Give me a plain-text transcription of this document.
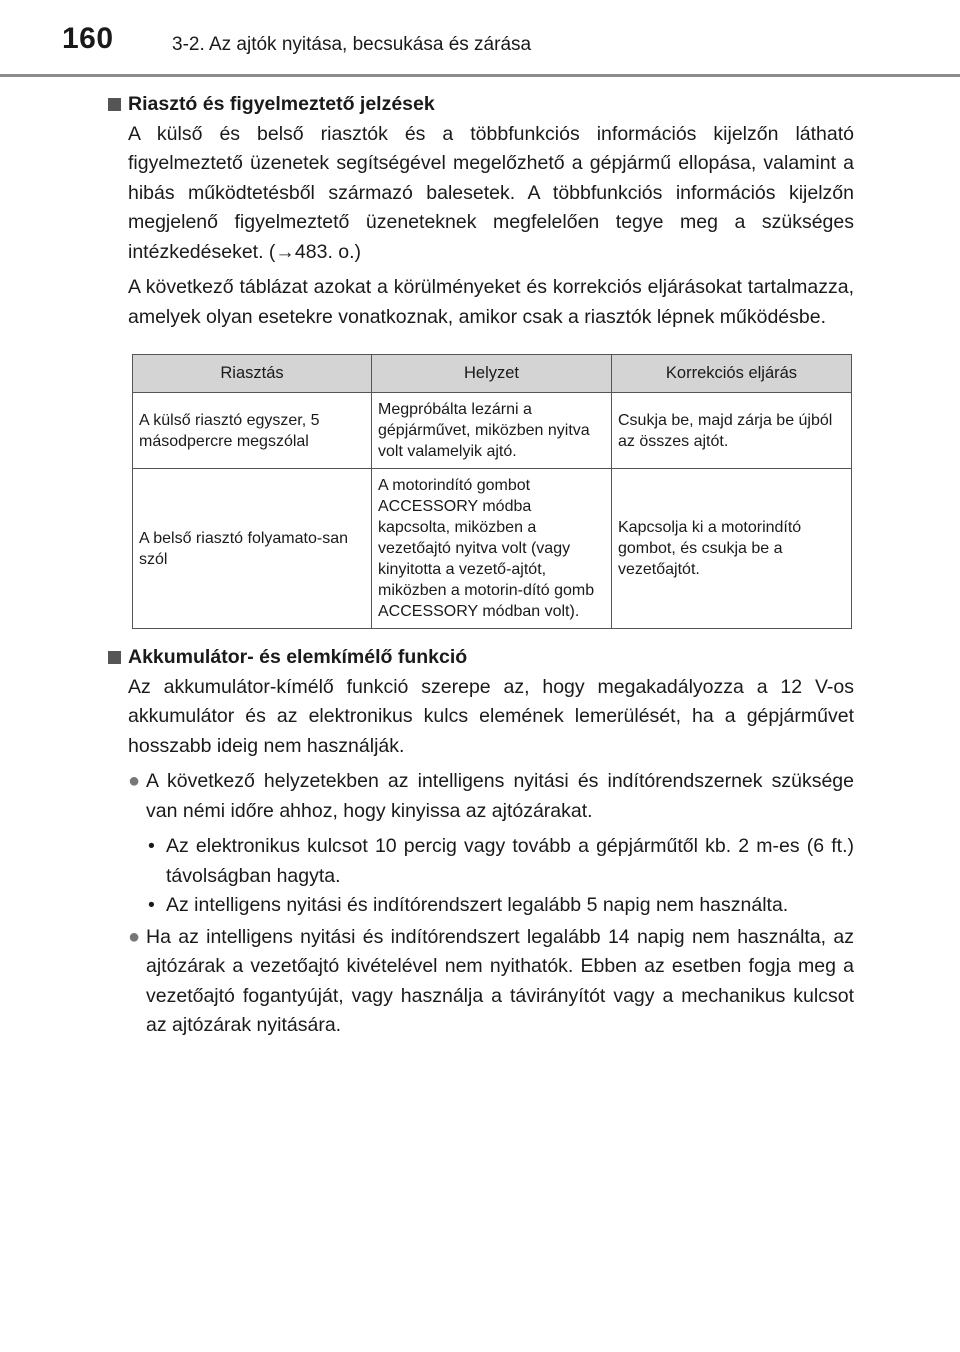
160	3-2. Az ajtók nyitása, becsukása és zárása

Riasztó és figyelmeztető jelzések

A külső és belső riasztók és a többfunkciós információs kijelzőn látható figyelmeztető üzenetek segítségével megelőzhető a gépjármű ellopása, valamint a hibás működtetésből származó balesetek. A többfunkciós információs kijelzőn megjelenő figyelmeztető üzeneteknek megfelelően tegye meg a szükséges intézkedéseket. (→483. o.)

A következő táblázat azokat a körülményeket és korrekciós eljárásokat tartalmazza, amelyek olyan esetekre vonatkoznak, amikor csak a riasztók lépnek működésbe.

Riasztás	Helyzet	Korrekciós eljárás
A külső riasztó egyszer, 5 másodpercre megszólal	Megpróbálta lezárni a gépjárművet, miközben nyitva volt valamelyik ajtó.	Csukja be, majd zárja be újból az összes ajtót.
A belső riasztó folyamato-san szól	A motorindító gombot ACCESSORY módba kapcsolta, miközben a vezetőajtó nyitva volt (vagy kinyitotta a vezető-ajtót, miközben a motorin-dító gomb ACCESSORY módban volt).	Kapcsolja ki a motorindító gombot, és csukja be a vezetőajtót.

Akkumulátor- és elemkímélő funkció

Az akkumulátor-kímélő funkció szerepe az, hogy megakadályozza a 12 V-os akkumulátor és az elektronikus kulcs elemének lemerülését, ha a gépjárművet hosszabb ideig nem használják.

● A következő helyzetekben az intelligens nyitási és indítórendszernek szüksége van némi időre ahhoz, hogy kinyissa az ajtózárakat.
• Az elektronikus kulcsot 10 percig vagy tovább a gépjárműtől kb. 2 m-es (6 ft.) távolságban hagyta.
• Az intelligens nyitási és indítórendszert legalább 5 napig nem használta.
● Ha az intelligens nyitási és indítórendszert legalább 14 napig nem használta, az ajtózárak a vezetőajtó kivételével nem nyithatók. Ebben az esetben fogja meg a vezetőajtó fogantyúját, vagy használja a távirányítót vagy a mechanikus kulcsot az ajtózárak nyitására.
